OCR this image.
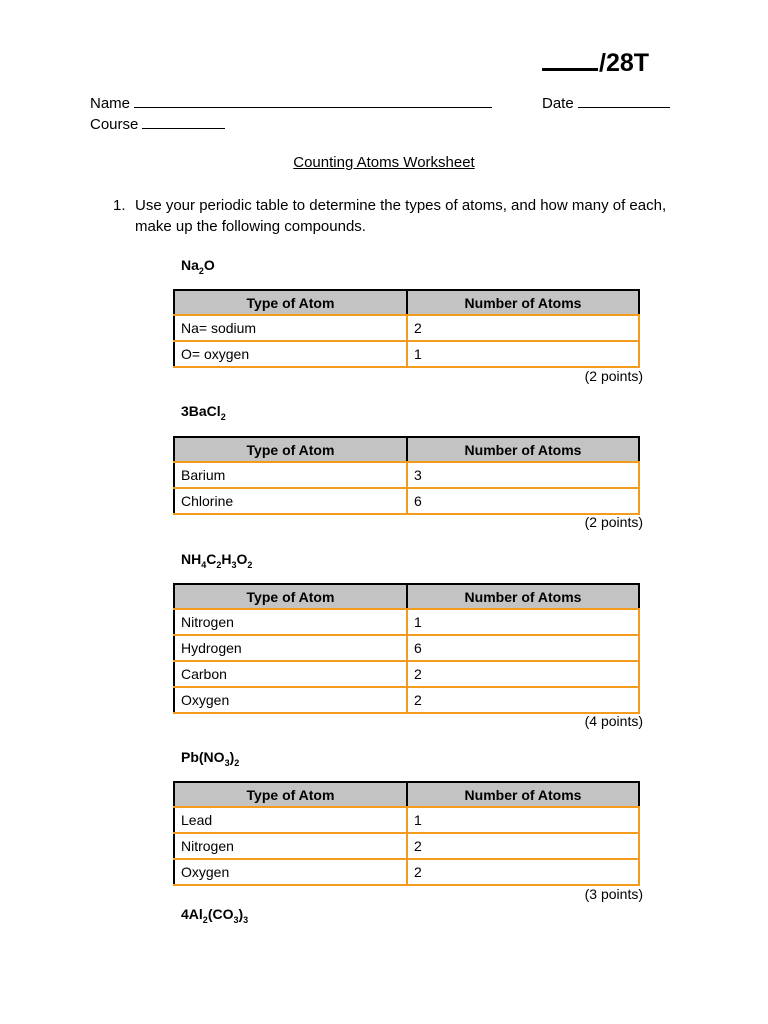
/28T
Name	Date
Course
Counting Atoms Worksheet
1. Use your periodic table to determine the types of atoms, and how many of each, make up the following compounds.
$Na_2O$
Type of Atom	Number of Atoms
Na= sodium	2
O= oxygen	1
(2 points)
3BaCl$_2$
Type of Atom	Number of Atoms
Barium	3
Chlorine	6
(2 points)
$NH_4C_2H_3O_2$
Type of Atom	Number of Atoms
Nitrogen	1
Hydrogen	6
Carbon	2
Oxygen	2
(4 points)
$Pb(NO_3)_2$
Type of Atom	Number of Atoms
Lead	1
Nitrogen	2
Oxygen	2
(3 points)
$4Al_2(CO_3)_3$
